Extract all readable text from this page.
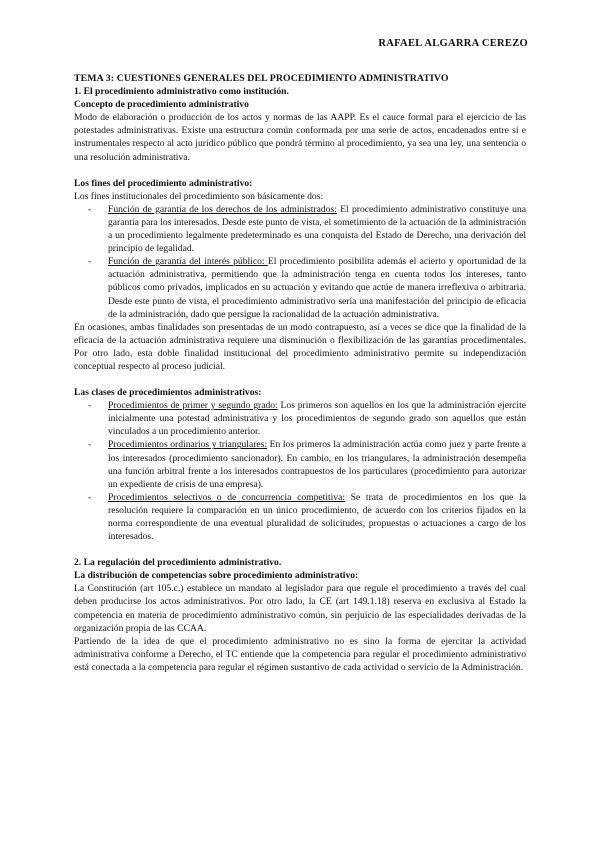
RAFAEL ALGARRA CEREZO

TEMA 3: CUESTIONES GENERALES DEL PROCEDIMIENTO ADMINISTRATIVO

1. El procedimiento administrativo como institución.

Concepto de procedimiento administrativo

Modo de elaboración o producción de los actos y normas de las AAPP. Es el cauce formal para el ejercicio de las potestades administrativas. Existe una estructura común conformada por una serie de actos, encadenados entre sí e instrumentales respecto al acto jurídico público que pondrá término al procedimiento, ya sea una ley, una sentencia o una resolución administrativa.

Los fines del procedimiento administrativo:

Los fines institucionales del procedimiento son básicamente dos:

- Función de garantía de los derechos de los administrados: El procedimiento administrativo constituye una garantía para los interesados. Desde este punto de vista, el sometimiento de la actuación de la administración a un procedimiento legalmente predeterminado es una conquista del Estado de Derecho, una derivación del principio de legalidad.
- Función de garantía del interés público: El procedimiento posibilita además el acierto y oportunidad de la actuación administrativa, permitiendo que la administración tenga en cuenta todos los intereses, tanto públicos como privados, implicados en su actuación y evitando que actúe de manera irreflexiva o arbitraria. Desde este punto de vista, el procedimiento administrativo sería una manifestación del principio de eficacia de la administración, dado que persigue la racionalidad de la actuación administrativa.

En ocasiones, ambas finalidades son presentadas de un modo contrapuesto, así a veces se dice que la finalidad de la eficacia de la actuación administrativa requiere una disminución o flexibilización de las garantías procedimentales. Por otro lado, esta doble finalidad institucional del procedimiento administrativo permite su independización conceptual respecto al proceso judicial.

Las clases de procedimientos administrativos:

- Procedimientos de primer y segundo grado: Los primeros son aquellos en los que la administración ejercite inicialmente una potestad administrativa y los procedimientos de segundo grado son aquellos que están vinculados a un procedimiento anterior.
- Procedimientos ordinarios y triangulares: En los primeros la administración actúa como juez y parte frente a los interesados (procedimiento sancionador). En cambio, en los triangulares, la administración desempeña una función arbitral frente a los interesados contrapuestos de los particulares (procedimiento para autorizar un expediente de crisis de una empresa).
- Procedimientos selectivos o de concurrencia competitiva: Se trata de procedimientos en los que la resolución requiere la comparación en un único procedimiento, de acuerdo con los criterios fijados en la norma correspondiente de una eventual pluralidad de solicitudes, propuestas o actuaciones a cargo de los interesados.

2. La regulación del procedimiento administrativo.

La distribución de competencias sobre procedimiento administrativo:

La Constitución (art 105.c.) establece un mandato al legislador para que regule el procedimiento a través del cual deben producirse los actos administrativos. Por otro lado, la CE (art 149.1.18) reserva en exclusiva al Estado la competencia en materia de procedimiento administrativo común, sin perjuicio de las especialidades derivadas de la organización propia de las CCAA.

Partiendo de la idea de que el procedimiento administrativo no es sino la forma de ejercitar la actividad administrativa conforme a Derecho, el TC entiende que la competencia para regular el procedimiento administrativo está conectada a la competencia para regular el régimen sustantivo de cada actividad o servicio de la Administración.
